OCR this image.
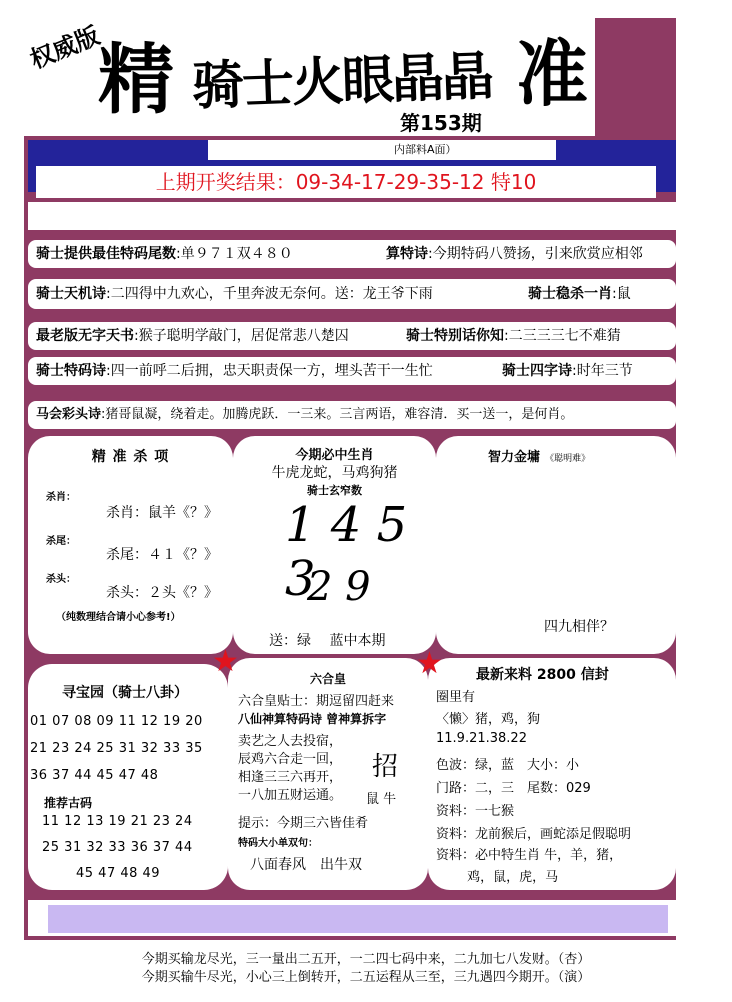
权威版
精 骑士火眼晶晶 准
第153期
内部料A面）
上期开奖结果：09-34-17-29-35-12 特10
骑士提供最佳特码尾数:单９７１双４８０	算特诗:今期特码八赞扬，引来欣赏应相邻
骑士天机诗:二四得中九欢心，千里奔波无奈何。送：龙王爷下雨	骑士稳杀一肖:鼠
最老版无字天书:猴子聪明学敲门，居促常悲八楚囚	骑士特别话你知:二三三三七不难猜
骑士特码诗:四一前呼二后拥，忠天职责保一方，埋头苦干一生忙	骑士四字诗:时年三节
马会彩头诗:猪哥鼠凝，绕着走。加腾虎跃．一三来。三言两语，难容清．买一送一，是何肖。
精 准 杀 项
杀肖：
杀肖：鼠羊《？》
杀尾：
杀尾：４１《？》
杀头：
杀头：２头《？》
（纯数理结合请小心参考!）
今期必中生肖
牛虎龙蛇，马鸡狗猪
骑士玄窄数
1 4 5 3
2 9
送：绿　 蓝中本期
智力金墉 《聪明难》
四九相伴？
寻宝园（骑士八卦）
01 07 08 09 11 12 19 20
21 23 24 25 31 32 33 35
36 37 44 45 47 48
推荐古码
11 12 13 19 21 23 24
25 31 32 33 36 37 44
45 47 48 49
六合皇
六合皇贴士：期逗留四赶来
八仙神算特码诗 曾神算拆字
卖艺之人去投宿，
辰鸡六合走一回，
相逢三三六再开，
一八加五财运通。
招
鼠 牛
提示：今期三六皆佳肴
特码大小单双句：
八面春风　出牛双
最新来料 2800 信封
圈里有
〈懒〉猪，鸡，狗
11.9.21.38.22
色波：绿，蓝　大小：小
门路：二，三　尾数：029
资料：一七猴
资料：龙前猴后，画蛇添足假聪明
资料：必中特生肖 牛，羊，猪，
　 鸡，鼠，虎，马
★	★
今期买输龙尽光，三一量出二五开，一二四七码中来，二九加七八发财。（杏）
今期买输牛尽光，小心三上倒转开，二五运程从三至，三九遇四今期开。（演）
